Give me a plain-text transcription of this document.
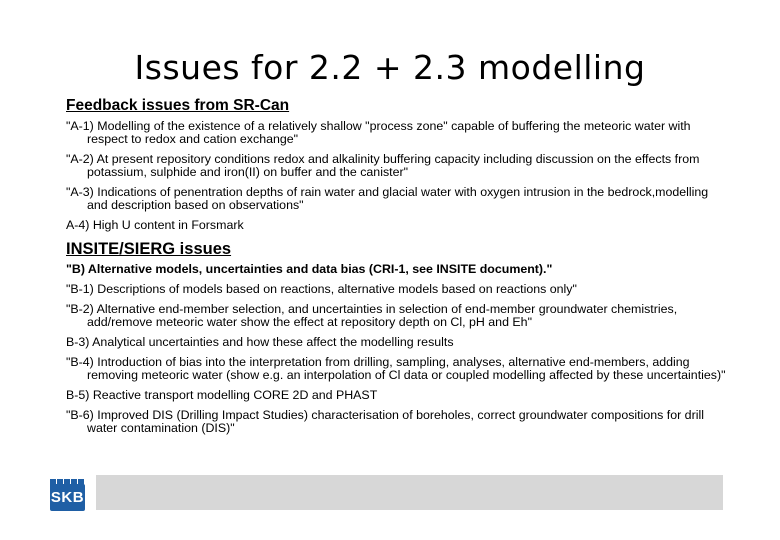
Issues for 2.2 + 2.3 modelling
Feedback issues from SR-Can
"A-1) Modelling of the existence of a relatively shallow "process zone" capable of buffering the meteoric water with respect to redox and cation exchange"
"A-2) At present repository conditions redox and alkalinity buffering capacity including discussion on the effects from potassium, sulphide and iron(II) on buffer and the canister"
"A-3) Indications of penentration depths of rain water and glacial water with oxygen intrusion in the bedrock,modelling and description based on observations"
A-4) High U content in Forsmark
INSITE/SIERG issues
"B) Alternative models, uncertainties and data bias (CRI-1, see INSITE document)."
"B-1) Descriptions of models based on reactions, alternative models based on reactions only"
"B-2) Alternative end-member selection, and uncertainties in selection of end-member groundwater chemistries, add/remove meteoric water show the effect at repository depth on Cl, pH and Eh"
B-3) Analytical uncertainties and how these affect the modelling results
"B-4) Introduction of bias into the interpretation from drilling, sampling, analyses, alternative end-members, adding removing meteoric water (show e.g. an interpolation of Cl data or coupled modelling affected by these uncertainties)"
B-5) Reactive transport modelling CORE 2D and PHAST
"B-6) Improved DIS (Drilling Impact Studies) characterisation of boreholes, correct groundwater compositions for drill water contamination (DIS)"
SKB
